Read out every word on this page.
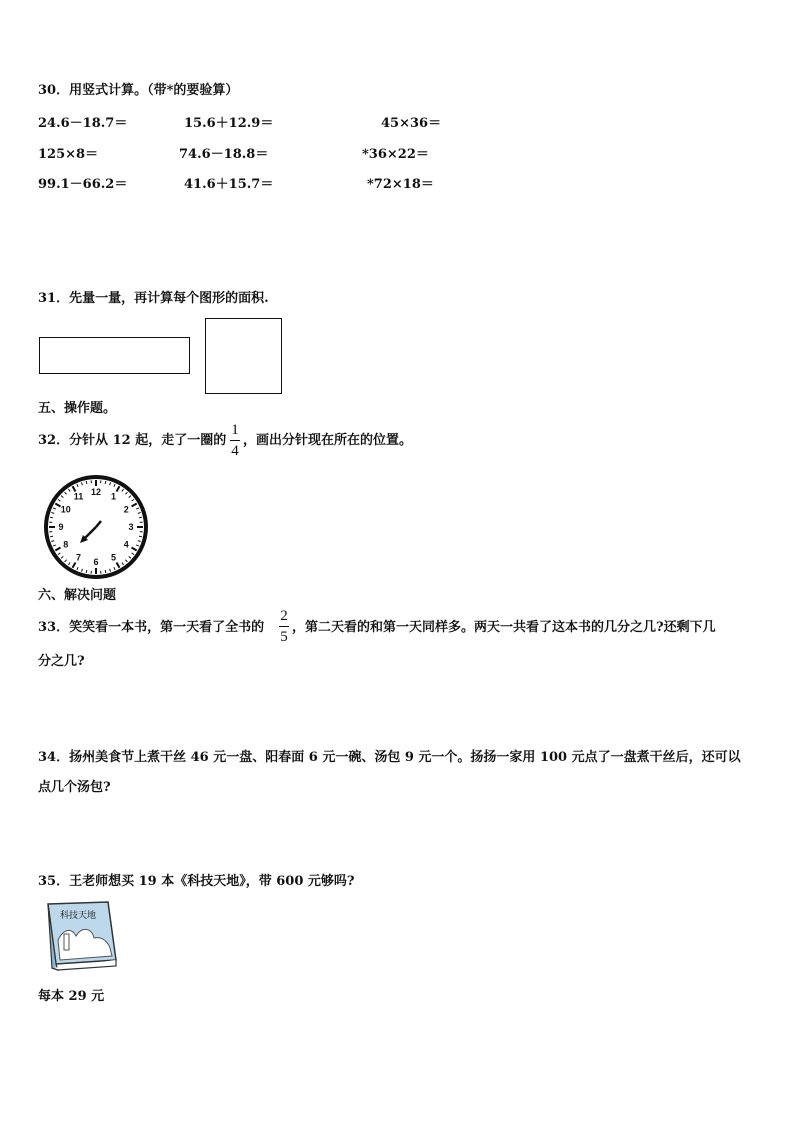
30．用竖式计算。（带*的要验算）
24.6－18.7＝	15.6＋12.9＝	45×36＝
125×8＝	74.6－18.8＝	*36×22＝
99.1－66.2＝	41.6＋15.7＝	*72×18＝
31．先量一量，再计算每个图形的面积.
五、操作题。
32．分针从 12 起，走了一圈的
1
4
，画出分针现在所在的位置。
12 1
2
3
4
5
6
7
8
9
10
11
六、解决问题
33．笑笑看一本书，第一天看了全书的
2
5
，第二天看的和第一天同样多。两天一共看了这本书的几分之几?还剩下几
分之几?
34．扬州美食节上煮干丝 46 元一盘、阳春面 6 元一碗、汤包 9 元一个。扬扬一家用 100 元点了一盘煮干丝后，还可以
点几个汤包?
35．王老师想买 19 本《科技天地》，带 600 元够吗?
科技天地
每本 29 元
